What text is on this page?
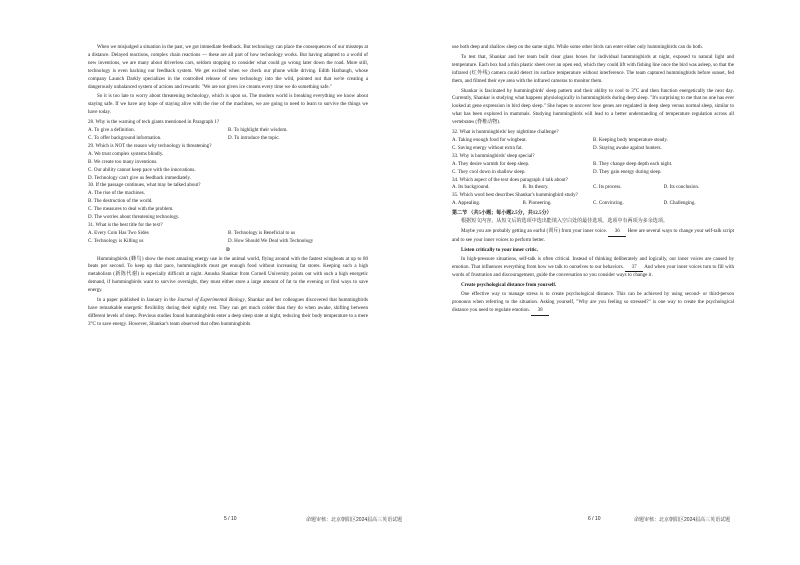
When we misjudged a situation in the past, we got immediate feedback. But technology can place the consequences of our missteps at a distance. Delayed reactions, complex chain reactions — these are all part of how technology works. But having adapted to a world of new inventions, we are many about driverless cars, seldom stopping to consider what could go wrong later down the road. More still, technology is even hacking our feedback system. We get excited when we check our phone while driving. Edith Harbaugh, whose company Launch Darkly specializes in the controlled release of new technology into the wild, pointed out that we're creating a dangerously unbalanced system of actions and rewards: "We are not given ice creams every time we do something safe."

So it is too late to worry about threatening technology, which is upon us. The modern world is breaking everything we know about staying safe. If we have any hope of staying alive with the rise of the machines, we are going to need to learn to survive the things we have today.

28. Why is the warning of tech giants mentioned in Paragraph 1?
A. To give a definition.	B. To highlight their wisdom.
C. To offer background information.	D. To introduce the topic.
29. Which is NOT the reason why technology is threatening?
A. We trust complex systems blindly.
B. We create too many inventions.
C. Our ability cannot keep pace with the innovations.
D. Technology can't give us feedback immediately.
30. If the passage continues, what may be talked about?
A. The rise of the machines.
B. The destruction of the world.
C. The measures to deal with the problem.
D. The worries about threatening technology.
31. What is the best title for the text?
A. Every Coin Has Two Sides	B. Technology is Beneficial to us
C. Technology is Killing us	D. How Should We Deal with Technology
D

Hummingbirds (蜂鸟) show the most amazing energy use in the animal world, flying around with the fastest wingbeats at up to 80 beats per second. To keep up that pace, hummingbirds must get enough food without increasing fat stores. Keeping such a high metabolism (新陈代谢) is especially difficult at night. Anusha Shankar from Cornell University points out with such a high energetic demand, if hummingbirds want to survive overnight, they must either store a large amount of fat to the evening or find ways to save energy.

In a paper published in January in the Journal of Experimental Biology, Shankar and her colleagues discovered that hummingbirds have remarkable energetic flexibility during their nightly rest. They can get much colder than they do when awake, shifting between different levels of sleep. Previous studies found hummingbirds enter a deep sleep state at night, reducing their body temperature to a mere 3°C to save energy. However, Shankar's team observed that often hummingbirds

5 / 10	命题审核：北京朝阳区2024届高三英语试题

use both deep and shallow sleep on the same night. While some other birds can enter either only hummingbirds can do both.

To test that, Shankar and her team built clear glass boxes for individual hummingbirds at night, exposed to natural light and temperature. Each box had a thin plastic sheet over an open end, which they could lift with fishing line once the bird was asleep, so that the infrared (红外线) camera could detect its surface temperature without interference. The team captured hummingbirds before sunset, fed them, and filmed their eye area with the infrared cameras to monitor them.

Shankar is fascinated by hummingbirds' sleep pattern and their ability to cool to 3°C and then function energetically the next day. Currently, Shankar is studying what happens physiologically in hummingbirds during deep sleep. "It's surprising to me that no one has ever looked at gene expression in bird deep sleep." She hopes to uncover how genes are regulated in deep sleep versus normal sleep, similar to what has been explored in mammals. Studying hummingbirds will lead to a better understanding of temperature regulation across all vertebrates (脊椎动物).

32. What is hummingbirds' key nighttime challenge?
A. Taking enough food for wingbeat.	B. Keeping body temperature steady.
C. Saving energy without extra fat.	D. Staying awake against hunters.
33. Why is hummingbirds' sleep special?
A. They desire warmth for deep sleep.	B. They change sleep depth each night.
C. They cool down in shallow sleep.	D. They gain energy during sleep.
34. Which aspect of the text does paragraph 4 talk about?
A. Its background.	B. Its theory.	C. Its process.	D. Its conclusion.
35. Which word best describes Shankar's hummingbird study?
A. Appealing.	B. Pioneering.	C. Convincing.	D. Challenging.
第二节 （共5小题；每小题2.5分，共12.5分）

根据短文内容，从短文后的选项中选出能填入空白处的最佳选项。选项中有两项为多余选项。

Maybe you are probably getting an earful (训斥) from your inner voice. 36 Here are several ways to change your self-talk script and to see your inner voices to perform better.

Listen critically to your inner critic.

In high-pressure situations, self-talk is often critical. Instead of thinking deliberately and logically, our inner voices are caused by emotion. That influences everything from how we talk to ourselves to our behaviors. 37 And when your inner voices turn to fill with words of frustration and discouragement, guide the conversation so you consider ways to change it.

Create psychological distance from yourself.

One effective way to manage stress is to create psychological distance. This can be achieved by using second- or third-person pronouns when referring to the situation. Asking yourself, "Why are you feeling so stressed?" is one way to create the psychological distance you need to regulate emotion. 38

6 / 10	命题审核：北京朝阳区2024届高三英语试题
